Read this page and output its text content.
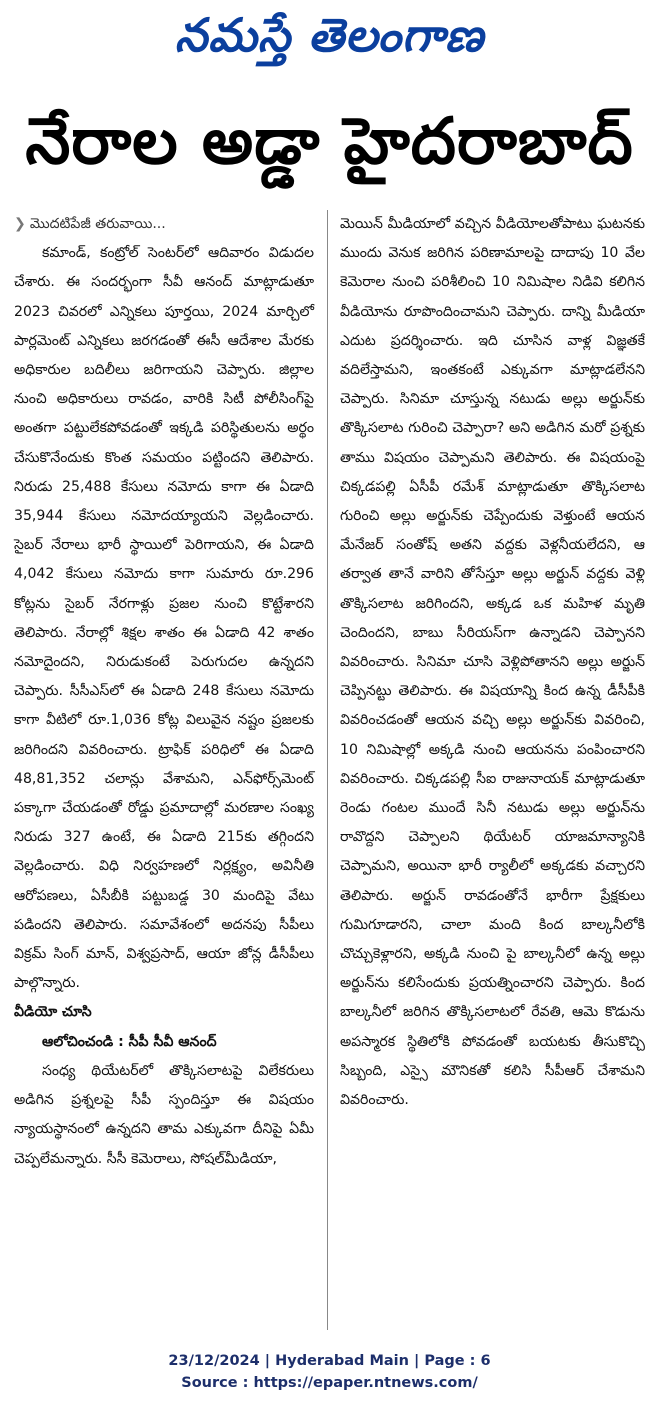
నమస్తే తెలంగాణ
నేరాల అడ్డా హైదరాబాద్

❯ మొదటిపేజీ తరువాయి...

కమాండ్, కంట్రోల్ సెంటర్‌లో ఆదివారం విడుదల చేశారు. ఈ సందర్భంగా సీవీ ఆనంద్ మాట్లాడుతూ 2023 చివరలో ఎన్నికలు పూర్తయి, 2024 మార్చిలో పార్లమెంట్ ఎన్నికలు జరగడంతో ఈసీ ఆదేశాల మేరకు అధికారుల బదిలీలు జరిగాయని చెప్పారు. జిల్లాల నుంచి అధికారులు రావడం, వారికి సిటీ పోలీసింగ్‌పై అంతగా పట్టులేకపోవడంతో ఇక్కడి పరిస్థితులను అర్థం చేసుకొనేందుకు కొంత సమయం పట్టిందని తెలిపారు. నిరుడు 25,488 కేసులు నమోదు కాగా ఈ ఏడాది 35,944 కేసులు నమోదయ్యాయని వెల్లడించారు. సైబర్ నేరాలు భారీ స్థాయిలో పెరిగాయని, ఈ ఏడాది 4,042 కేసులు నమోదు కాగా సుమారు రూ.296 కోట్లను సైబర్ నేరగాళ్లు ప్రజల నుంచి కొట్టేశారని తెలిపారు. నేరాల్లో శిక్షల శాతం ఈ ఏడాది 42 శాతం నమోదైందని, నిరుడుకంటే పెరుగుదల ఉన్నదని చెప్పారు. సీసీఎస్‌లో ఈ ఏడాది 248 కేసులు నమోదు కాగా వీటిలో రూ.1,036 కోట్ల విలువైన నష్టం ప్రజలకు జరిగిందని వివరించారు. ట్రాఫిక్ పరిధిలో ఈ ఏడాది 48,81,352 చలాన్లు వేశామని, ఎన్‌ఫోర్స్‌మెంట్ పక్కాగా చేయడంతో రోడ్డు ప్రమాదాల్లో మరణాల సంఖ్య నిరుడు 327 ఉంటే, ఈ ఏడాది 215కు తగ్గిందని వెల్లడించారు. విధి నిర్వహణలో నిర్లక్ష్యం, అవినీతి ఆరోపణలు, ఏసీబీకి పట్టుబడ్డ 30 మందిపై వేటు పడిందని తెలిపారు. సమావేశంలో అదనపు సీపీలు విక్రమ్ సింగ్ మాన్, విశ్వప్రసాద్, ఆయా జోన్ల డీసీపీలు పాల్గొన్నారు.

వీడియో చూసి

ఆలోచించండి : సీపీ సీవీ ఆనంద్

సంధ్య థియేటర్‌లో తొక్కిసలాటపై విలేకరులు అడిగిన ప్రశ్నలపై సీపీ స్పందిస్తూ ఈ విషయం న్యాయస్థానంలో ఉన్నదని తామ ఎక్కువగా దీనిపై ఏమీ చెప్పలేమన్నారు. సీసీ కెమెరాలు, సోషల్‌మీడియా,

మెయిన్ మీడియాలో వచ్చిన వీడియోలతోపాటు ఘటనకు ముందు వెనుక జరిగిన పరిణామాలపై దాదాపు 10 వేల కెమెరాల నుంచి పరిశీలించి 10 నిమిషాల నిడివి కలిగిన వీడియోను రూపొందించామని చెప్పారు. దాన్ని మీడియా ఎదుట ప్రదర్శించారు. ఇది చూసిన వాళ్ల విజ్ఞతకే వదిలేస్తామని, ఇంతకంటే ఎక్కువగా మాట్లాడలేనని చెప్పారు. సినిమా చూస్తున్న నటుడు అల్లు అర్జున్‌కు తొక్కిసలాట గురించి చెప్పారా? అని అడిగిన మరో ప్రశ్నకు తాము విషయం చెప్పామని తెలిపారు. ఈ విషయంపై చిక్కడపల్లి ఏసీపీ రమేశ్ మాట్లాడుతూ తొక్కిసలాట గురించి అల్లు అర్జున్‌కు చెప్పేందుకు వెళ్తుంటే ఆయన మేనేజర్ సంతోష్ అతని వద్దకు వెళ్లనీయలేదని, ఆ తర్వాత తానే వారిని తోసేస్తూ అల్లు అర్జున్ వద్దకు వెళ్లి తొక్కిసలాట జరిగిందని, అక్కడ ఒక మహిళ మృతి చెందిందని, బాబు సీరియస్‌గా ఉన్నాడని చెప్పానని వివరించారు. సినిమా చూసి వెళ్లిపోతానని అల్లు అర్జున్ చెప్పినట్టు తెలిపారు. ఈ విషయాన్ని కింద ఉన్న డీసీపీకి వివరించడంతో ఆయన వచ్చి అల్లు అర్జున్‌కు వివరించి, 10 నిమిషాల్లో అక్కడి నుంచి ఆయనను పంపించారని వివరించారు. చిక్కడపల్లి సీఐ రాజునాయక్ మాట్లాడుతూ రెండు గంటల ముందే సినీ నటుడు అల్లు అర్జున్‌ను రావొద్దని చెప్పాలని థియేటర్ యాజమాన్యానికి చెప్పామని, అయినా భారీ ర్యాలీలో అక్కడకు వచ్చారని తెలిపారు. అర్జున్ రావడంతోనే భారీగా ప్రేక్షకులు గుమిగూడారని, చాలా మంది కింద బాల్కనీలోకి చొచ్చుకెళ్లారని, అక్కడి నుంచి పై బాల్కనీలో ఉన్న అల్లు అర్జున్‌ను కలిసేందుకు ప్రయత్నించారని చెప్పారు. కింద బాల్కనీలో జరిగిన తొక్కిసలాటలో రేవతి, ఆమె కొడును అపస్మారక స్థితిలోకి పోవడంతో బయటకు తీసుకొచ్చి సిబ్బంది, ఎస్సై మౌనికతో కలిసి సీపీఆర్ చేశామని వివరించారు.

23/12/2024 | Hyderabad Main | Page : 6
Source : https://epaper.ntnews.com/
